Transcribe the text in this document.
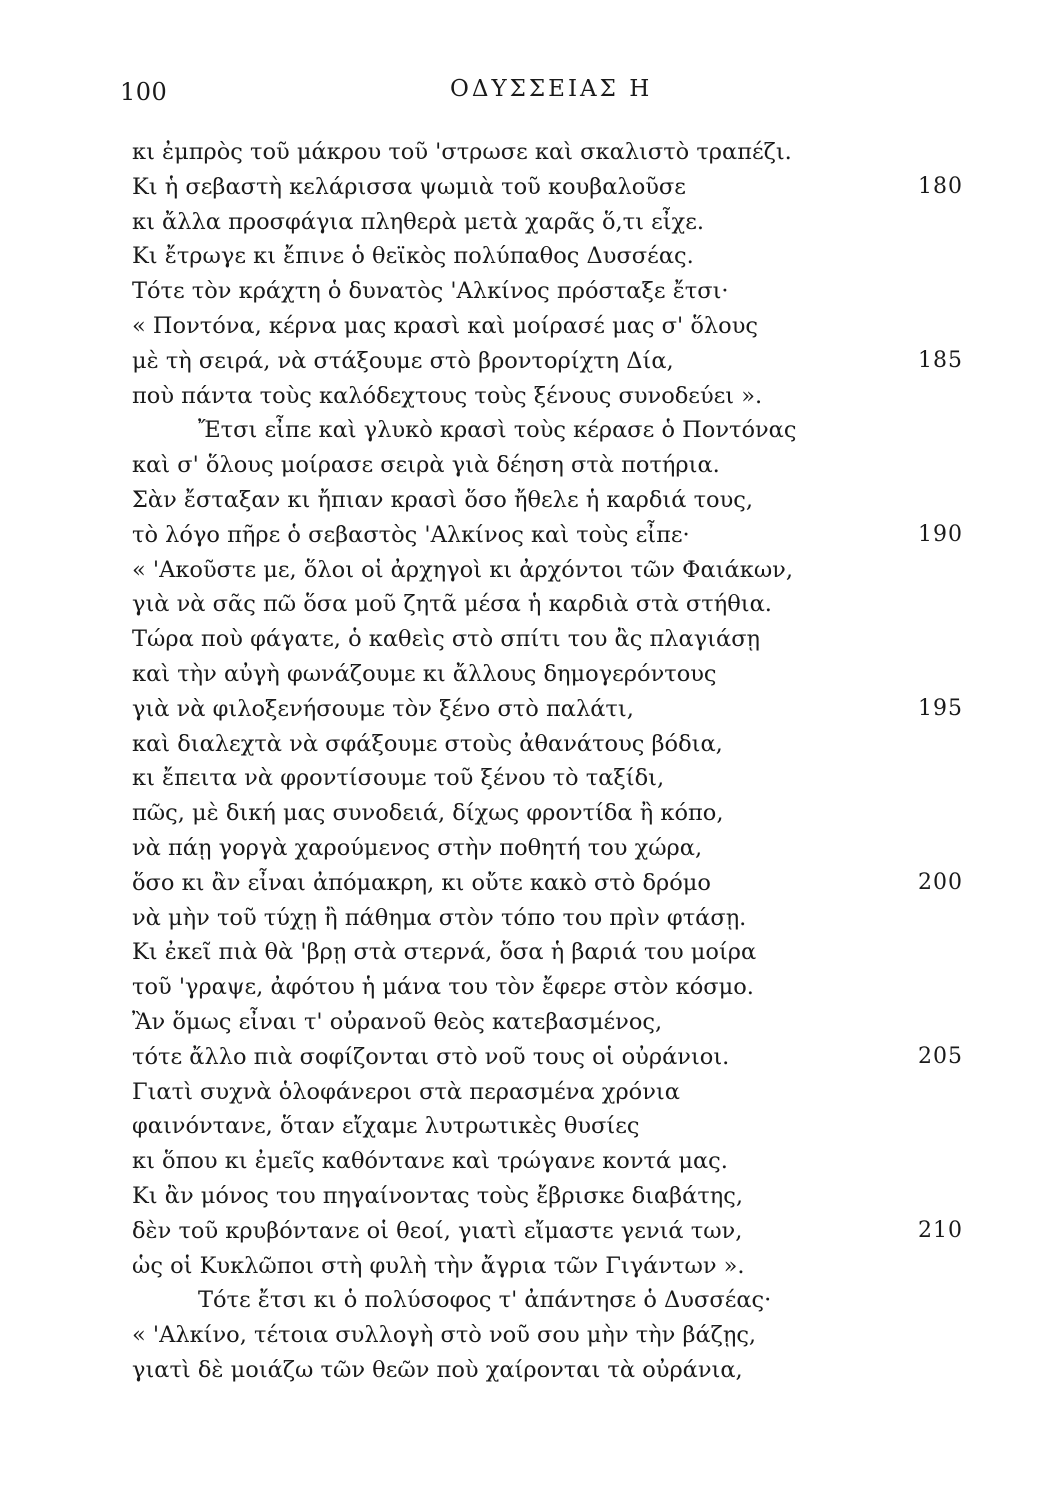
100	ΟΔΥΣΣΕΙΑΣ Η
κι ἐμπρὸς τοῦ μάκρου τοῦ 'στρωσε καὶ σκαλιστὸ τραπέζι.
Κι ἡ σεβαστὴ κελάρισσα ψωμιὰ τοῦ κουβαλοῦσε	180
κι ἄλλα προσφάγια πληθερὰ μετὰ χαρᾶς ὅ,τι εἶχε.
Κι ἔτρωγε κι ἔπινε ὁ θεϊκὸς πολύπαθος Δυσσέας.
Τότε τὸν κράχτη ὁ δυνατὸς 'Αλκίνος πρόσταξε ἔτσι·
« Ποντόνα, κέρνα μας κρασὶ καὶ μοίρασέ μας σ' ὅλους
μὲ τὴ σειρά, νὰ στάξουμε στὸ βροντορίχτη Δία,	185
ποὺ πάντα τοὺς καλόδεχτους τοὺς ξένους συνοδεύει ».
Ἔτσι εἶπε καὶ γλυκὸ κρασὶ τοὺς κέρασε ὁ Ποντόνας
καὶ σ' ὅλους μοίρασε σειρὰ γιὰ δέηση στὰ ποτήρια.
Σὰν ἔσταξαν κι ἤπιαν κρασὶ ὅσο ἤθελε ἡ καρδιά τους,
τὸ λόγο πῆρε ὁ σεβαστὸς 'Αλκίνος καὶ τοὺς εἶπε·	190
« 'Ακοῦστε με, ὅλοι οἱ ἀρχηγοὶ κι ἀρχόντοι τῶν Φαιάκων,
γιὰ νὰ σᾶς πῶ ὅσα μοῦ ζητᾶ μέσα ἡ καρδιὰ στὰ στήθια.
Τώρα ποὺ φάγατε, ὁ καθεὶς στὸ σπίτι του ἂς πλαγιάσῃ
καὶ τὴν αὐγὴ φωνάζουμε κι ἄλλους δημογερόντους
γιὰ νὰ φιλοξενήσουμε τὸν ξένο στὸ παλάτι,	195
καὶ διαλεχτὰ νὰ σφάξουμε στοὺς ἀθανάτους βόδια,
κι ἔπειτα νὰ φροντίσουμε τοῦ ξένου τὸ ταξίδι,
πῶς, μὲ δική μας συνοδειά, δίχως φροντίδα ἢ κόπο,
νὰ πάῃ γοργὰ χαρούμενος στὴν ποθητή του χώρα,
ὅσο κι ἂν εἶναι ἀπόμακρη, κι οὔτε κακὸ στὸ δρόμο	200
νὰ μὴν τοῦ τύχῃ ἢ πάθημα στὸν τόπο του πρὶν φτάσῃ.
Κι ἐκεῖ πιὰ θὰ 'βρῃ στὰ στερνά, ὅσα ἡ βαριά του μοίρα
τοῦ 'γραψε, ἀφότου ἡ μάνα του τὸν ἔφερε στὸν κόσμο.
Ἂν ὅμως εἶναι τ' οὐρανοῦ θεὸς κατεβασμένος,
τότε ἄλλο πιὰ σοφίζονται στὸ νοῦ τους οἱ οὐράνιοι.	205
Γιατὶ συχνὰ ὁλοφάνεροι στὰ περασμένα χρόνια
φαινόντανε, ὅταν εἴχαμε λυτρωτικὲς θυσίες
κι ὅπου κι ἐμεῖς καθόντανε καὶ τρώγανε κοντά μας.
Κι ἂν μόνος του πηγαίνοντας τοὺς ἔβρισκε διαβάτης,
δὲν τοῦ κρυβόντανε οἱ θεοί, γιατὶ εἴμαστε γενιά των,	210
ὡς οἱ Κυκλῶποι στὴ φυλὴ τὴν ἄγρια τῶν Γιγάντων ».
Τότε ἔτσι κι ὁ πολύσοφος τ' ἀπάντησε ὁ Δυσσέας·
« 'Αλκίνο, τέτοια συλλογὴ στὸ νοῦ σου μὴν τὴν βάζῃς,
γιατὶ δὲ μοιάζω τῶν θεῶν ποὺ χαίρονται τὰ οὐράνια,
